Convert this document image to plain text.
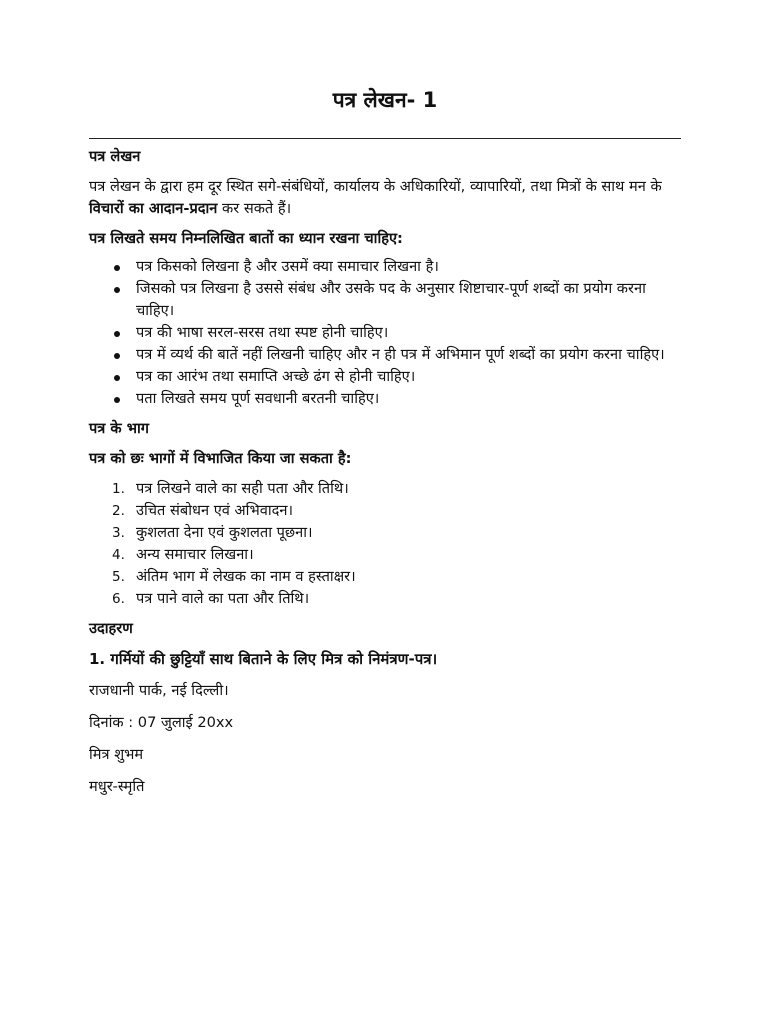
पत्र लेखन- 1

पत्र लेखन

पत्र लेखन के द्वारा हम दूर स्थित सगे-संबंधियों, कार्यालय के अधिकारियों, व्यापारियों, तथा मित्रों के साथ मन के विचारों का आदान-प्रदान कर सकते हैं।

पत्र लिखते समय निम्नलिखित बातों का ध्यान रखना चाहिए:

पत्र किसको लिखना है और उसमें क्या समाचार लिखना है।
जिसको पत्र लिखना है उससे संबंध और उसके पद के अनुसार शिष्टाचार-पूर्ण शब्दों का प्रयोग करना चाहिए।
पत्र की भाषा सरल-सरस तथा स्पष्ट होनी चाहिए।
पत्र में व्यर्थ की बातें नहीं लिखनी चाहिए और न ही पत्र में अभिमान पूर्ण शब्दों का प्रयोग करना चाहिए।
पत्र का आरंभ तथा समाप्ति अच्छे ढंग से होनी चाहिए।
पता लिखते समय पूर्ण सवधानी बरतनी चाहिए।

पत्र के भाग

पत्र को छः भागों में विभाजित किया जा सकता है:

1. पत्र लिखने वाले का सही पता और तिथि।
2. उचित संबोधन एवं अभिवादन।
3. कुशलता देना एवं कुशलता पूछना।
4. अन्य समाचार लिखना।
5. अंतिम भाग में लेखक का नाम व हस्ताक्षर।
6. पत्र पाने वाले का पता और तिथि।

उदाहरण

1. गर्मियों की छुट्टियाँ साथ बिताने के लिए मित्र को निमंत्रण-पत्र।

राजधानी पार्क, नई दिल्ली।

दिनांक : 07 जुलाई 20xx

मित्र शुभम

मधुर-स्मृति
